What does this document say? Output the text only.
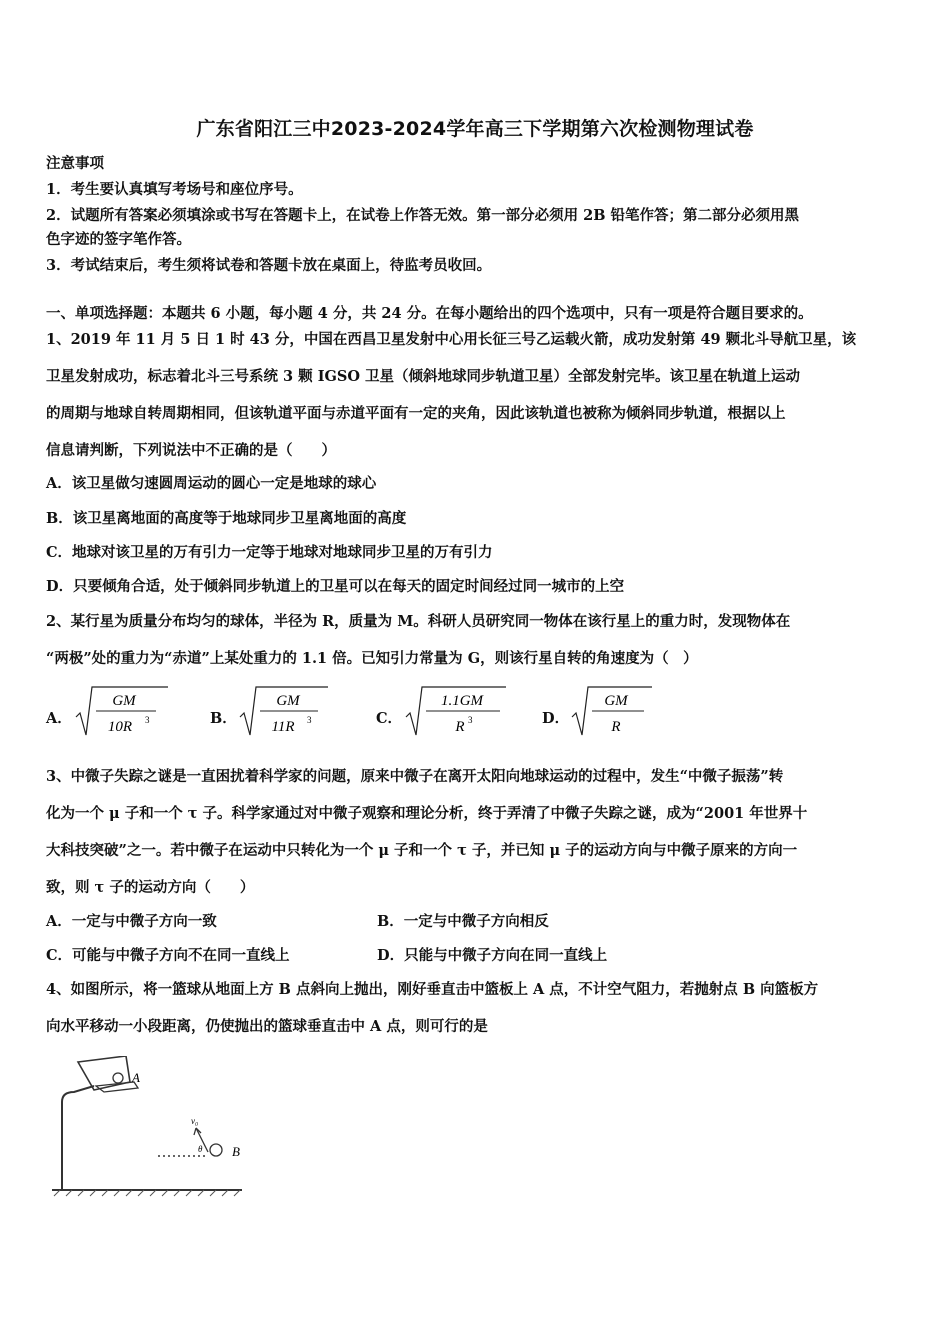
广东省阳江三中2023-2024学年高三下学期第六次检测物理试卷
注意事项
1．考生要认真填写考场号和座位序号。
2．试题所有答案必须填涂或书写在答题卡上，在试卷上作答无效。第一部分必须用 2B 铅笔作答；第二部分必须用黑
色字迹的签字笔作答。
3．考试结束后，考生须将试卷和答题卡放在桌面上，待监考员收回。
一、单项选择题：本题共 6 小题，每小题 4 分，共 24 分。在每小题给出的四个选项中，只有一项是符合题目要求的。
1、2019 年 11 月 5 日 1 时 43 分，中国在西昌卫星发射中心用长征三号乙运载火箭，成功发射第 49 颗北斗导航卫星，该
卫星发射成功，标志着北斗三号系统 3 颗 IGSO 卫星（倾斜地球同步轨道卫星）全部发射完毕。该卫星在轨道上运动
的周期与地球自转周期相同，但该轨道平面与赤道平面有一定的夹角，因此该轨道也被称为倾斜同步轨道，根据以上
信息请判断，下列说法中不正确的是（　　）
A．该卫星做匀速圆周运动的圆心一定是地球的球心
B．该卫星离地面的高度等于地球同步卫星离地面的高度
C．地球对该卫星的万有引力一定等于地球对地球同步卫星的万有引力
D．只要倾角合适，处于倾斜同步轨道上的卫星可以在每天的固定时间经过同一城市的上空
2、某行星为质量分布均匀的球体，半径为 R，质量为 M。科研人员研究同一物体在该行星上的重力时，发现物体在
“两极”处的重力为“赤道”上某处重力的 1.1 倍。已知引力常量为 G，则该行星自转的角速度为（　）
A．
GM
10R 3	B．
GM
11R 3	C．
1.1GM
R 3	D．
GM
R
3、中微子失踪之谜是一直困扰着科学家的问题，原来中微子在离开太阳向地球运动的过程中，发生“中微子振荡”转
化为一个 μ 子和一个 τ 子。科学家通过对中微子观察和理论分析，终于弄清了中微子失踪之谜，成为“2001 年世界十
大科技突破”之一。若中微子在运动中只转化为一个 μ 子和一个 τ 子，并已知 μ 子的运动方向与中微子原来的方向一
致，则 τ 子的运动方向（　　）
A．一定与中微子方向一致	B．一定与中微子方向相反
C．可能与中微子方向不在同一直线上	D．只能与中微子方向在同一直线上
4、如图所示，将一篮球从地面上方 B 点斜向上抛出，刚好垂直击中篮板上 A 点，不计空气阻力，若抛射点 B 向篮板方
向水平移动一小段距离，仍使抛出的篮球垂直击中 A 点，则可行的是
A
v₀
θ B
